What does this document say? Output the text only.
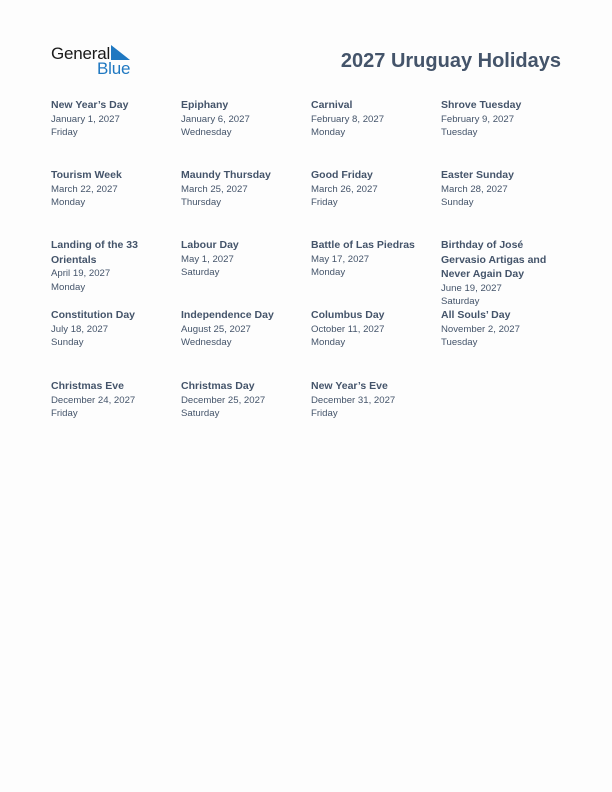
General
Blue	2027 Uruguay Holidays
New Year’s Day
January 1, 2027
Friday
Epiphany
January 6, 2027
Wednesday
Carnival
February 8, 2027
Monday
Shrove Tuesday
February 9, 2027
Tuesday
Tourism Week
March 22, 2027
Monday
Maundy Thursday
March 25, 2027
Thursday
Good Friday
March 26, 2027
Friday
Easter Sunday
March 28, 2027
Sunday
Landing of the 33 Orientals
April 19, 2027
Monday
Labour Day
May 1, 2027
Saturday
Battle of Las Piedras
May 17, 2027
Monday
Birthday of José Gervasio Artigas and Never Again Day
June 19, 2027
Saturday
Constitution Day
July 18, 2027
Sunday
Independence Day
August 25, 2027
Wednesday
Columbus Day
October 11, 2027
Monday
All Souls’ Day
November 2, 2027
Tuesday
Christmas Eve
December 24, 2027
Friday
Christmas Day
December 25, 2027
Saturday
New Year’s Eve
December 31, 2027
Friday
